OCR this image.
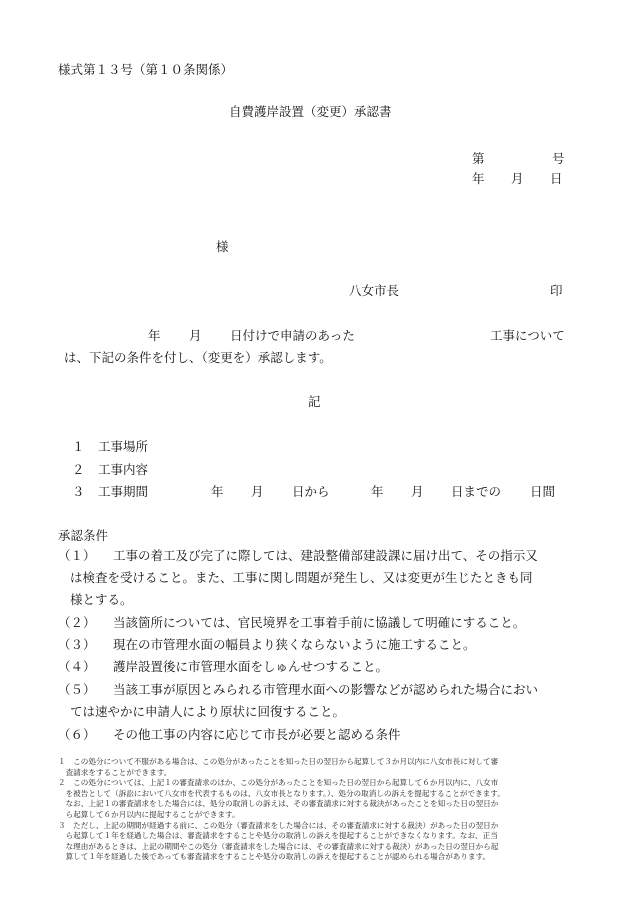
様式第１３号（第１０条関係）
自費護岸設置（変更）承認書
第	号
年 月 日
様
八女市長	印
年 月 日付けで申請のあった	工事について
は、下記の条件を付し、（変更を）承認します。
記
１ 工事場所
２ 工事内容
３ 工事期間	年 月 日から	年 月 日までの 日間
承認条件
（１） 工事の着工及び完了に際しては、建設整備部建設課に届け出て、その指示又
は検査を受けること。また、工事に関し問題が発生し、又は変更が生じたときも同
様とする。
（２） 当該箇所については、官民境界を工事着手前に協議して明確にすること。
（３） 現在の市管理水面の幅員より狭くならないように施工すること。
（４） 護岸設置後に市管理水面をしゅんせつすること。
（５） 当該工事が原因とみられる市管理水面への影響などが認められた場合におい
ては速やかに申請人により原状に回復すること。
（６） その他工事の内容に応じて市長が必要と認める条件
１　この処分について不服がある場合は、この処分があったことを知った日の翌日から起算して３か月以内に八女市長に対して審
　査請求をすることができます。
２　この処分については、上記１の審査請求のほか、この処分があったことを知った日の翌日から起算して６か月以内に、八女市
　を被告として（訴訟において八女市を代表するものは、八女市長となります。）、処分の取消しの訴えを提起することができます。
　なお、上記１の審査請求をした場合には、処分の取消しの訴えは、その審査請求に対する裁決があったことを知った日の翌日か
　ら起算して６か月以内に提起することができます。
３　ただし、上記の期間が経過する前に、この処分（審査請求をした場合には、その審査請求に対する裁決）があった日の翌日か
　ら起算して１年を経過した場合は、審査請求をすることや処分の取消しの訴えを提起することができなくなります。なお、正当
　な理由があるときは、上記の期間やこの処分（審査請求をした場合には、その審査請求に対する裁決）があった日の翌日から起
　算して１年を経過した後であっても審査請求をすることや処分の取消しの訴えを提起することが認められる場合があります。
